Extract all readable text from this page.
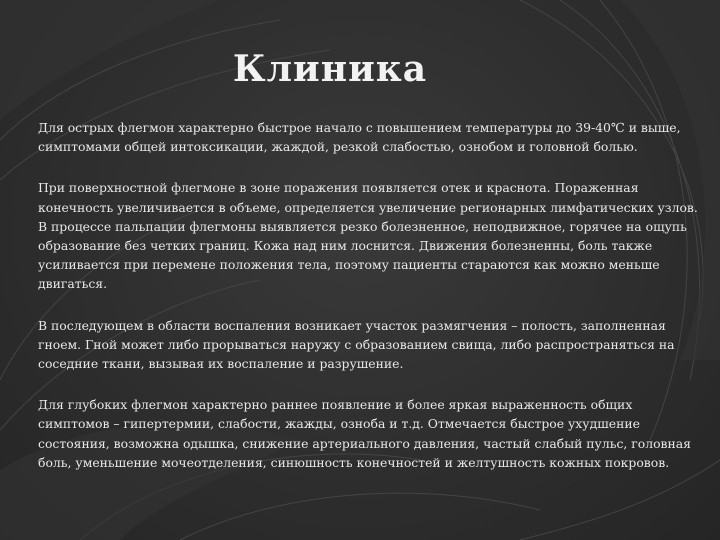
Клиника

Для острых флегмон характерно быстрое начало с повышением температуры до 39-40℃ и выше, симптомами общей интоксикации, жаждой, резкой слабостью, ознобом и головной болью.

При поверхностной флегмоне в зоне поражения появляется отек и краснота. Пораженная конечность увеличивается в объеме, определяется увеличение регионарных лимфатических узлов. В процессе пальпации флегмоны выявляется резко болезненное, неподвижное, горячее на ощупь образование без четких границ. Кожа над ним лоснится. Движения болезненны, боль также усиливается при перемене положения тела, поэтому пациенты стараются как можно меньше двигаться.

В последующем в области воспаления возникает участок размягчения – полость, заполненная гноем. Гной может либо прорываться наружу с образованием свища, либо распространяться на соседние ткани, вызывая их воспаление и разрушение.

Для глубоких флегмон характерно раннее появление и более яркая выраженность общих симптомов – гипертермии, слабости, жажды, озноба и т.д. Отмечается быстрое ухудшение состояния, возможна одышка, снижение артериального давления, частый слабый пульс, головная боль, уменьшение мочеотделения, синюшность конечностей и желтушность кожных покровов.
